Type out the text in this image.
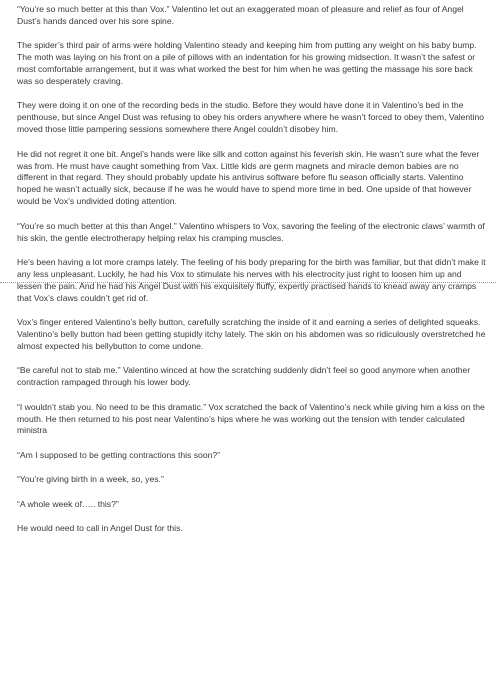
“You’re so much better at this than Vox.” Valentino let out an exaggerated moan of pleasure and relief as four of Angel Dust’s hands danced over his sore spine.

The spider’s third pair of arms were holding Valentino steady and keeping him from putting any weight on his baby bump. The moth was laying on his front on a pile of pillows with an indentation for his growing midsection. It wasn’t the safest or most comfortable arrangement, but it was what worked the best for him when he was getting the massage his sore back was so desperately craving.

They were doing it on one of the recording beds in the studio. Before they would have done it in Valentino’s bed in the penthouse, but since Angel Dust was refusing to obey his orders anywhere where he wasn’t forced to obey them, Valentino moved those little pampering sessions somewhere there Angel couldn’t disobey him.

He did not regret it one bit. Angel’s hands were like silk and cotton against his feverish skin. He wasn’t sure what the fever was from. He must have caught something from Vax. Little kids are germ magnets and miracle demon babies are no different in that regard. They should probably update his antivirus software before flu season officially starts. Valentino hoped he wasn’t actually sick, because if he was he would have to spend more time in bed. One upside of that however would be Vox’s undivided doting attention.

“You’re so much better at this than Angel.” Valentino whispers to Vox, savoring the feeling of the electronic claws’ warmth of his skin, the gentle electrotherapy helping relax his cramping muscles.

He’s been having a lot more cramps lately. The feeling of his body preparing for the birth was familiar, but that didn’t make it any less unpleasant. Luckily, he had his Vox to stimulate his nerves with his electrocity just right to loosen him up and lessen the pain. And he had his Angel Dust with his exquisitely fluffy, expertly practised hands to knead away any cramps that Vox’s claws couldn’t get rid of.

Vox’s finger entered Valentino’s belly button, carefully scratching the inside of it and earning a series of delighted squeaks. Valentino’s belly button had been getting stupidly itchy lately. The skin on his abdomen was so ridiculously overstretched he almost expected his bellybutton to come undone.

“Be careful not to stab me.” Valentino winced at how the scratching suddenly didn’t feel so good anymore when another contraction rampaged through his lower body.

“I wouldn’t stab you. No need to be this dramatic.” Vox scratched the back of Valentino’s neck while giving him a kiss on the mouth. He then returned to his post near Valentino’s hips where he was working out the tension with tender calculated ministra

“Am I supposed to be getting contractions this soon?”

“You’re giving birth in a week, so, yes.”

“A whole week of….. this?”

He would need to call in Angel Dust for this.
